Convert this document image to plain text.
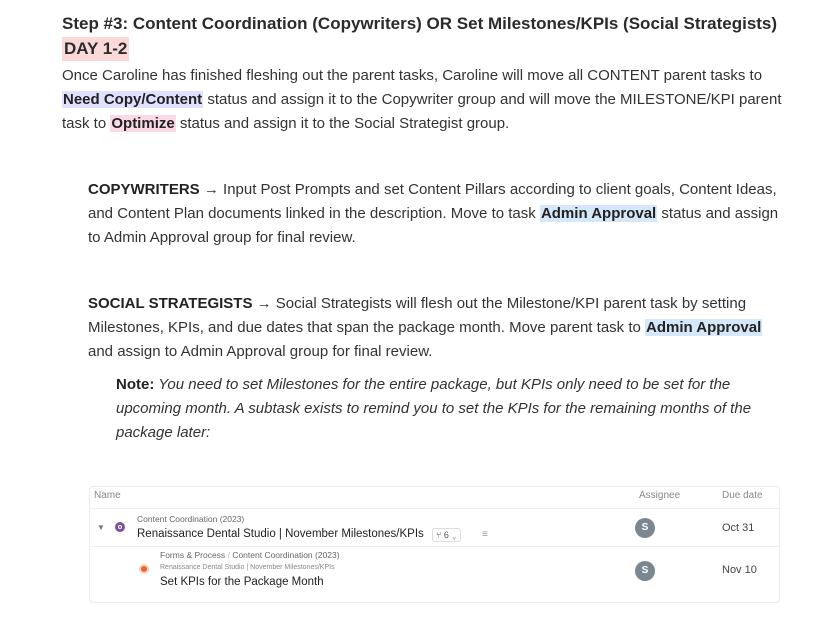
Step #3: Content Coordination (Copywriters) OR Set Milestones/KPIs (Social Strategists)
DAY 1-2
Once Caroline has finished fleshing out the parent tasks, Caroline will move all CONTENT parent tasks to Need Copy/Content status and assign it to the Copywriter group and will move the MILESTONE/KPI parent task to Optimize status and assign it to the Social Strategist group.
COPYWRITERS → Input Post Prompts and set Content Pillars according to client goals, Content Ideas, and Content Plan documents linked in the description. Move to task Admin Approval status and assign to Admin Approval group for final review.
SOCIAL STRATEGISTS → Social Strategists will flesh out the Milestone/KPI parent task by setting Milestones, KPIs, and due dates that span the package month. Move parent task to Admin Approval and assign to Admin Approval group for final review.
Note: You need to set Milestones for the entire package, but KPIs only need to be set for the upcoming month. A subtask exists to remind you to set the KPIs for the remaining months of the package later:
Name	Assignee	Due date
▼
Content Coordination (2023)
Renaissance Dental Studio | November Milestones/KPIs	⑂ 6 ⌄	≡
S	Oct 31
Forms & Process / Content Coordination (2023)
Renaissance Dental Studio | November Milestones/KPIs
Set KPIs for the Package Month
S	Nov 10
